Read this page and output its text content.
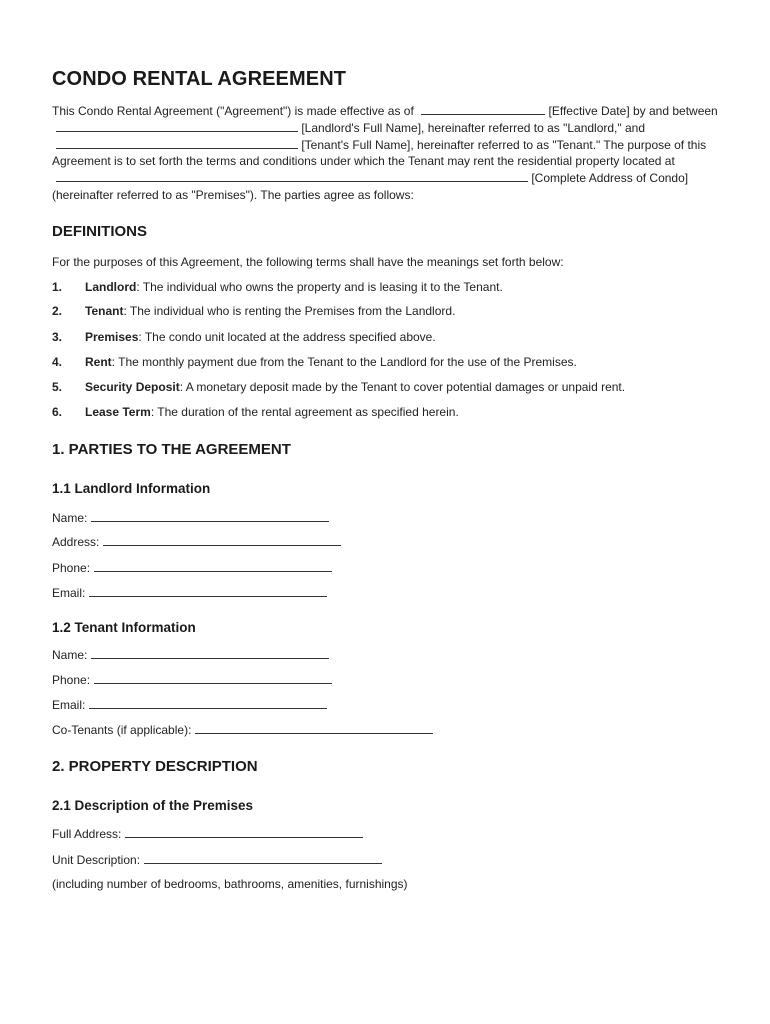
CONDO RENTAL AGREEMENT

This Condo Rental Agreement ("Agreement") is made effective as of	[Effective Date] by and between  [Landlord's Full Name], hereinafter referred to as "Landlord," and  [Tenant's Full Name], hereinafter referred to as "Tenant." The purpose of this Agreement is to set forth the terms and conditions under which the Tenant may rent the residential property located at  [Complete Address of Condo] (hereinafter referred to as "Premises"). The parties agree as follows:

DEFINITIONS

For the purposes of this Agreement, the following terms shall have the meanings set forth below:

1. Landlord: The individual who owns the property and is leasing it to the Tenant.
2. Tenant: The individual who is renting the Premises from the Landlord.
3. Premises: The condo unit located at the address specified above.
4. Rent: The monthly payment due from the Tenant to the Landlord for the use of the Premises.
5. Security Deposit: A monetary deposit made by the Tenant to cover potential damages or unpaid rent.
6. Lease Term: The duration of the rental agreement as specified herein.
1. PARTIES TO THE AGREEMENT
1.1 Landlord Information
Name:
Address:
Phone:
Email:
1.2 Tenant Information
Name:
Phone:
Email:
Co-Tenants (if applicable):
2. PROPERTY DESCRIPTION
2.1 Description of the Premises
Full Address:
Unit Description:

(including number of bedrooms, bathrooms, amenities, furnishings)
